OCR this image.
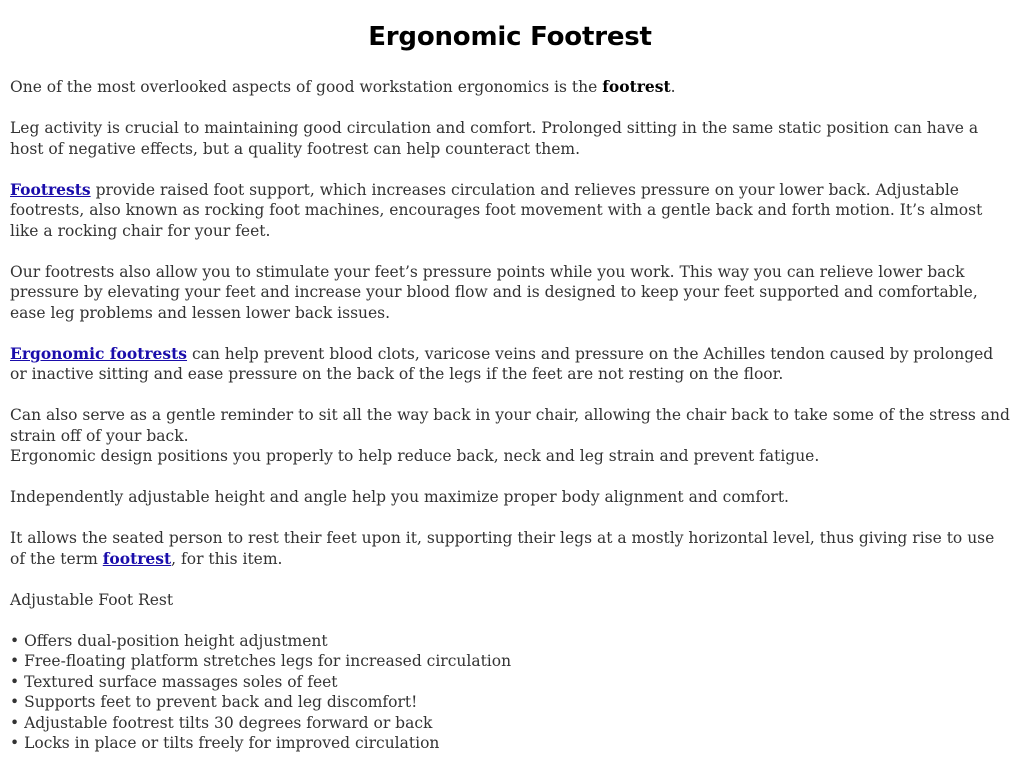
Ergonomic Footrest

One of the most overlooked aspects of good workstation ergonomics is the footrest.

Leg activity is crucial to maintaining good circulation and comfort. Prolonged sitting in the same static position can have a host of negative effects, but a quality footrest can help counteract them.

Footrests provide raised foot support, which increases circulation and relieves pressure on your lower back. Adjustable footrests, also known as rocking foot machines, encourages foot movement with a gentle back and forth motion. It’s almost like a rocking chair for your feet.

Our footrests also allow you to stimulate your feet’s pressure points while you work. This way you can relieve lower back pressure by elevating your feet and increase your blood flow and is designed to keep your feet supported and comfortable, ease leg problems and lessen lower back issues.

Ergonomic footrests can help prevent blood clots, varicose veins and pressure on the Achilles tendon caused by prolonged or inactive sitting and ease pressure on the back of the legs if the feet are not resting on the floor.

Can also serve as a gentle reminder to sit all the way back in your chair, allowing the chair back to take some of the stress and strain off of your back.

Ergonomic design positions you properly to help reduce back, neck and leg strain and prevent fatigue.

Independently adjustable height and angle help you maximize proper body alignment and comfort.

It allows the seated person to rest their feet upon it, supporting their legs at a mostly horizontal level, thus giving rise to use of the term footrest, for this item.

Adjustable Foot Rest

• Offers dual-position height adjustment
• Free-floating platform stretches legs for increased circulation
• Textured surface massages soles of feet
• Supports feet to prevent back and leg discomfort!
• Adjustable footrest tilts 30 degrees forward or back
• Locks in place or tilts freely for improved circulation
